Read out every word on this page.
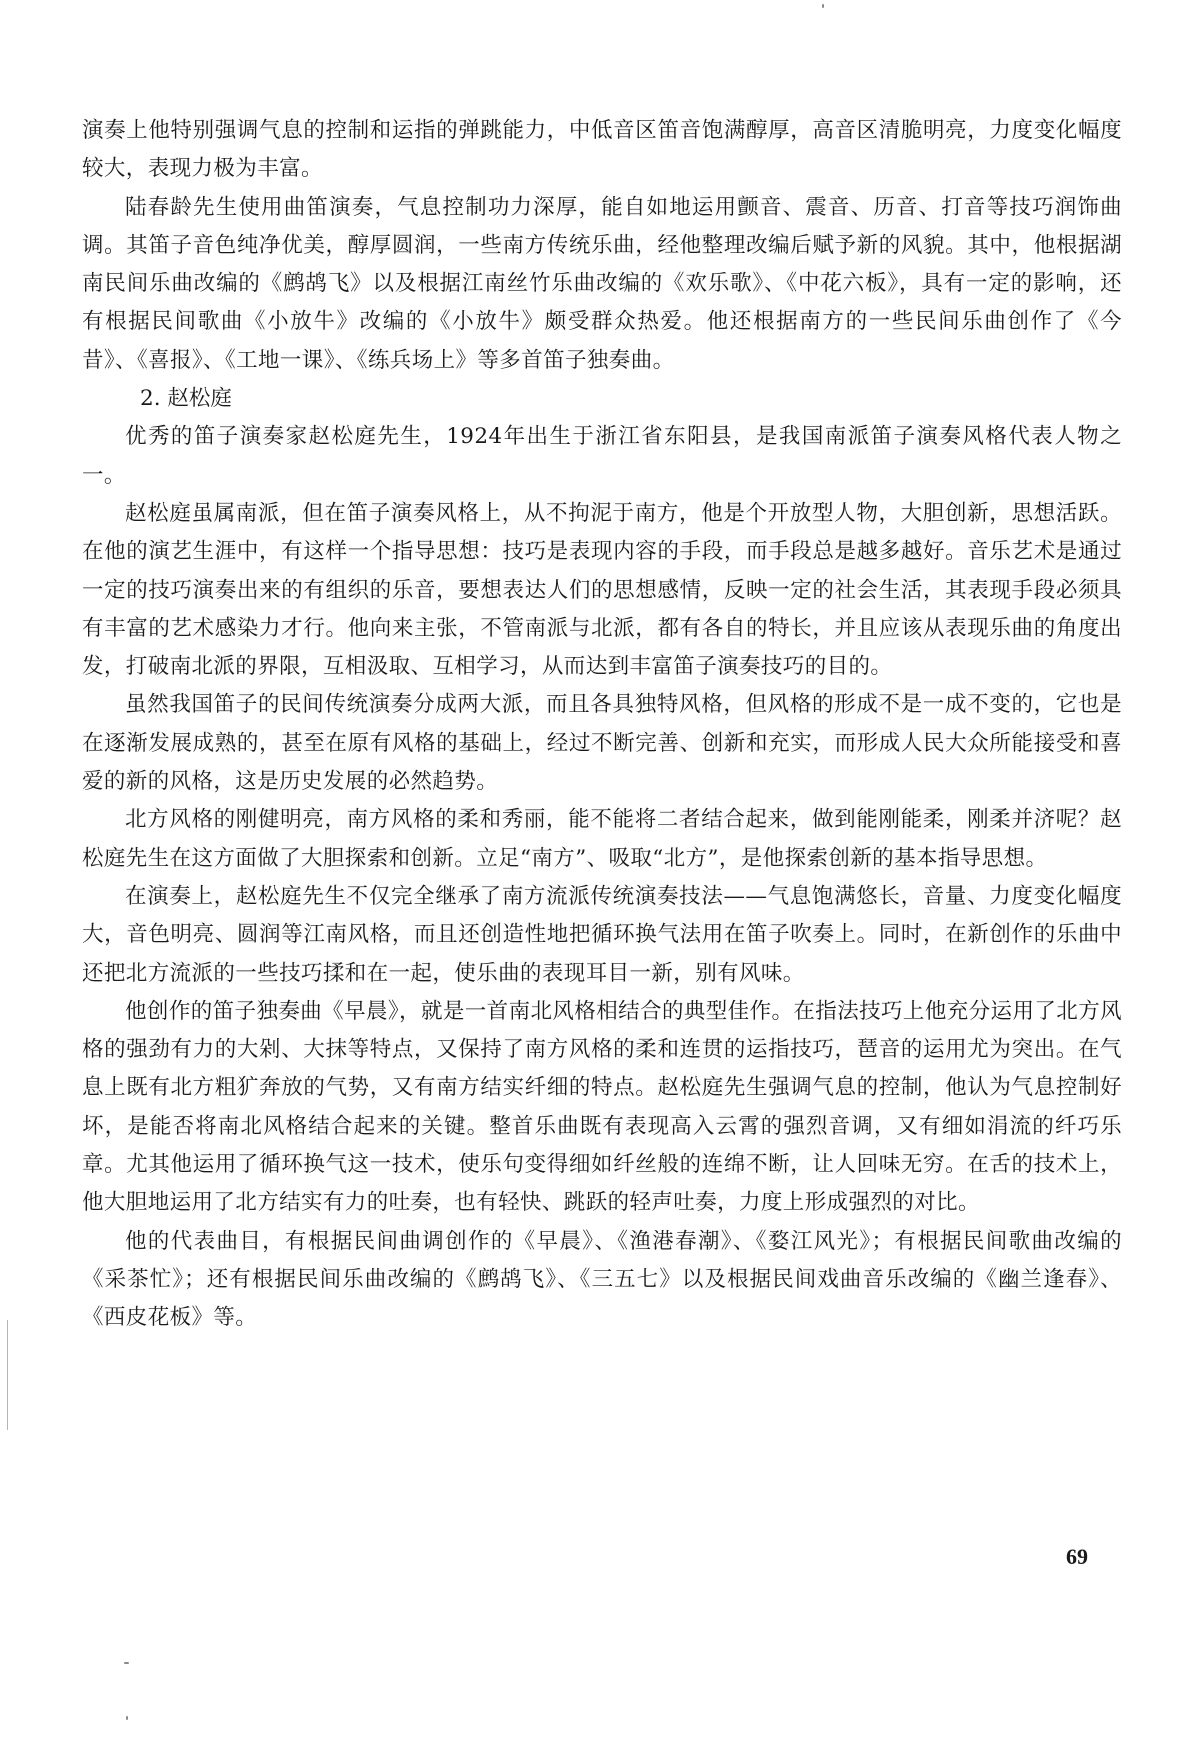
演奏上他特别强调气息的控制和运指的弹跳能力，中低音区笛音饱满醇厚，高音区清脆明亮，力度变化幅度较大，表现力极为丰富。

陆春龄先生使用曲笛演奏，气息控制功力深厚，能自如地运用颤音、震音、历音、打音等技巧润饰曲调。其笛子音色纯净优美，醇厚圆润，一些南方传统乐曲，经他整理改编后赋予新的风貌。其中，他根据湖南民间乐曲改编的《鹧鸪飞》以及根据江南丝竹乐曲改编的《欢乐歌》、《中花六板》，具有一定的影响，还有根据民间歌曲《小放牛》改编的《小放牛》颇受群众热爱。他还根据南方的一些民间乐曲创作了《今昔》、《喜报》、《工地一课》、《练兵场上》等多首笛子独奏曲。

2. 赵松庭

优秀的笛子演奏家赵松庭先生，1924年出生于浙江省东阳县，是我国南派笛子演奏风格代表人物之一。

赵松庭虽属南派，但在笛子演奏风格上，从不拘泥于南方，他是个开放型人物，大胆创新，思想活跃。在他的演艺生涯中，有这样一个指导思想：技巧是表现内容的手段，而手段总是越多越好。音乐艺术是通过一定的技巧演奏出来的有组织的乐音，要想表达人们的思想感情，反映一定的社会生活，其表现手段必须具有丰富的艺术感染力才行。他向来主张，不管南派与北派，都有各自的特长，并且应该从表现乐曲的角度出发，打破南北派的界限，互相汲取、互相学习，从而达到丰富笛子演奏技巧的目的。

虽然我国笛子的民间传统演奏分成两大派，而且各具独特风格，但风格的形成不是一成不变的，它也是在逐渐发展成熟的，甚至在原有风格的基础上，经过不断完善、创新和充实，而形成人民大众所能接受和喜爱的新的风格，这是历史发展的必然趋势。

北方风格的刚健明亮，南方风格的柔和秀丽，能不能将二者结合起来，做到能刚能柔，刚柔并济呢？赵松庭先生在这方面做了大胆探索和创新。立足“南方”、吸取“北方”，是他探索创新的基本指导思想。

在演奏上，赵松庭先生不仅完全继承了南方流派传统演奏技法——气息饱满悠长，音量、力度变化幅度大，音色明亮、圆润等江南风格，而且还创造性地把循环换气法用在笛子吹奏上。同时，在新创作的乐曲中还把北方流派的一些技巧揉和在一起，使乐曲的表现耳目一新，别有风味。

他创作的笛子独奏曲《早晨》，就是一首南北风格相结合的典型佳作。在指法技巧上他充分运用了北方风格的强劲有力的大剁、大抹等特点，又保持了南方风格的柔和连贯的运指技巧，琶音的运用尤为突出。在气息上既有北方粗犷奔放的气势，又有南方结实纤细的特点。赵松庭先生强调气息的控制，他认为气息控制好坏，是能否将南北风格结合起来的关键。整首乐曲既有表现高入云霄的强烈音调，又有细如涓流的纤巧乐章。尤其他运用了循环换气这一技术，使乐句变得细如纤丝般的连绵不断，让人回味无穷。在舌的技术上，他大胆地运用了北方结实有力的吐奏，也有轻快、跳跃的轻声吐奏，力度上形成强烈的对比。

他的代表曲目，有根据民间曲调创作的《早晨》、《渔港春潮》、《婺江风光》；有根据民间歌曲改编的《采茶忙》；还有根据民间乐曲改编的《鹧鸪飞》、《三五七》以及根据民间戏曲音乐改编的《幽兰逢春》、《西皮花板》等。

69
